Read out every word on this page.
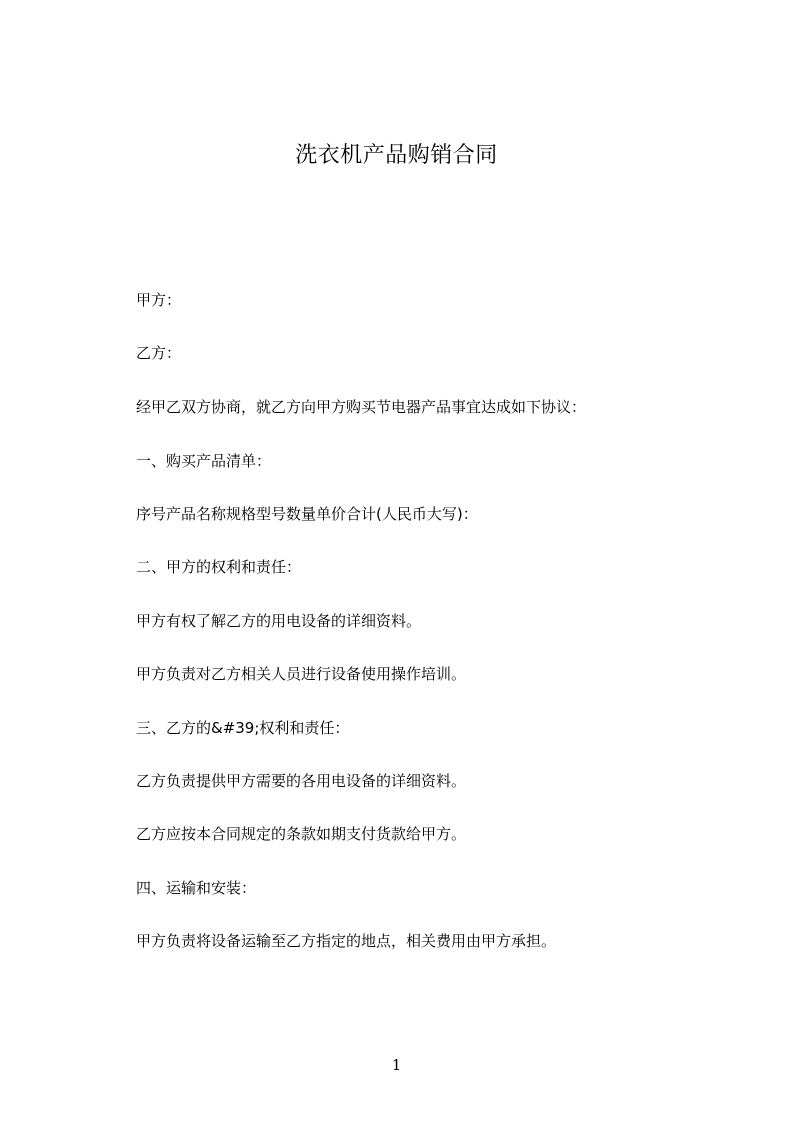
洗衣机产品购销合同
甲方：
乙方：
经甲乙双方协商，就乙方向甲方购买节电器产品事宜达成如下协议：
一、购买产品清单：
序号产品名称规格型号数量单价合计(人民币大写)：
二、甲方的权利和责任：
甲方有权了解乙方的用电设备的详细资料。
甲方负责对乙方相关人员进行设备使用操作培训。
三、乙方的&#39;权利和责任：
乙方负责提供甲方需要的各用电设备的详细资料。
乙方应按本合同规定的条款如期支付货款给甲方。
四、运输和安装：
甲方负责将设备运输至乙方指定的地点，相关费用由甲方承担。
1
